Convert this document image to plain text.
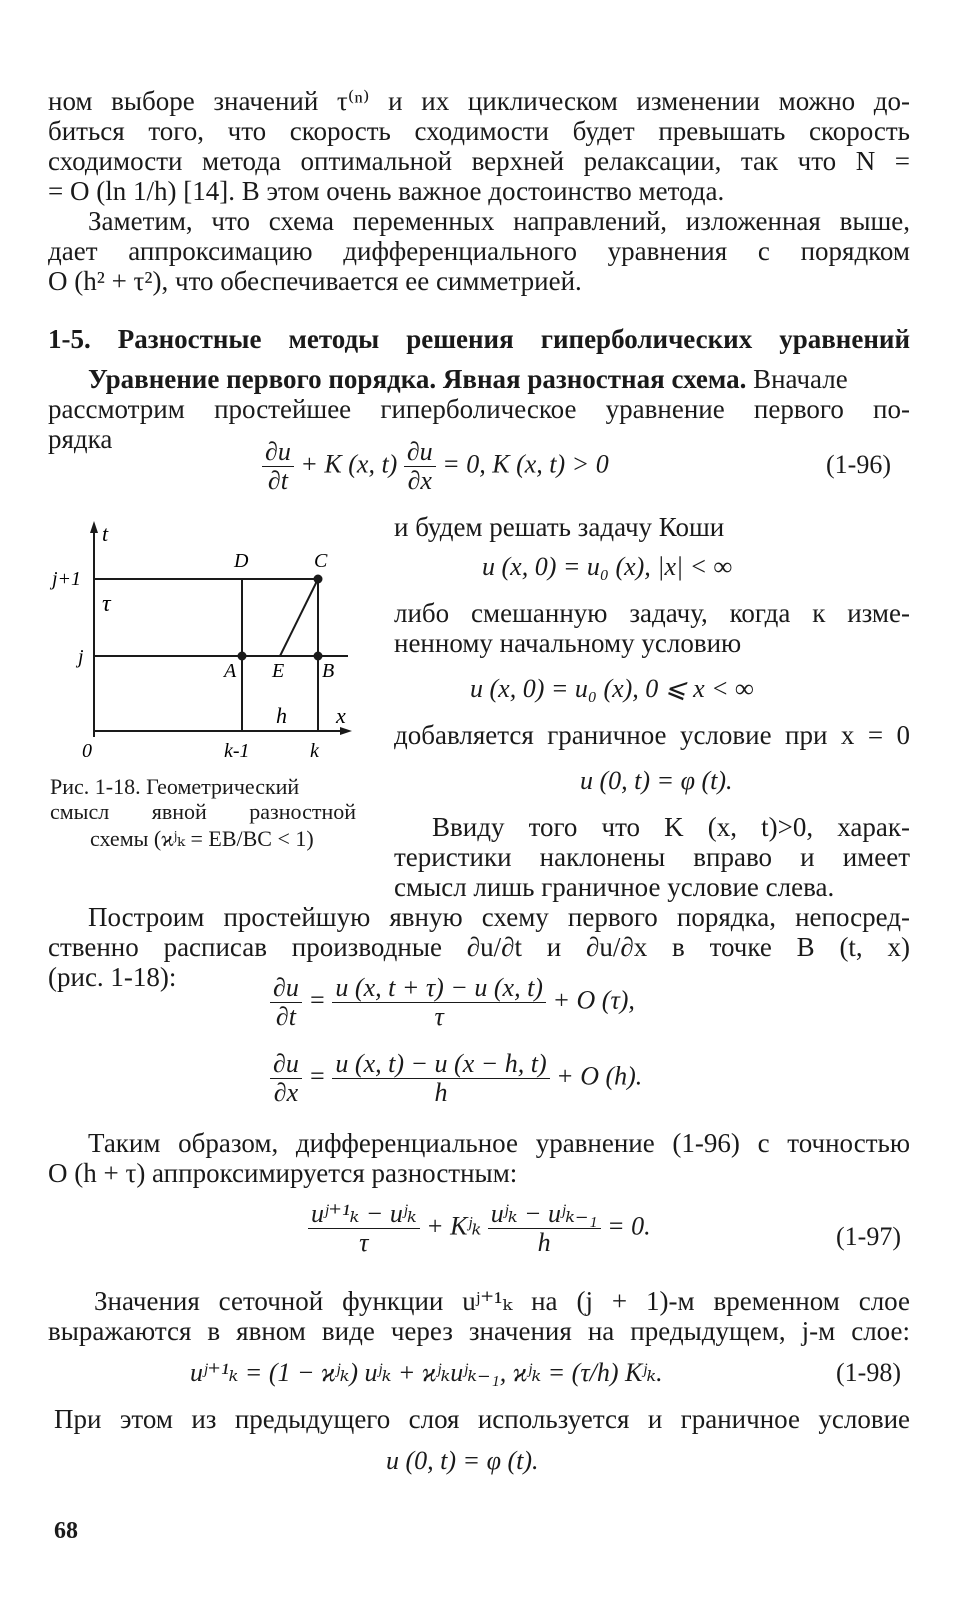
ном выборе значений τ⁽ⁿ⁾ и их циклическом изменении можно до-
биться того, что скорость сходимости будет превышать скорость
сходимости метода оптимальной верхней релаксации, так что N =
= O (ln 1/h) [14]. В этом очень важное достоинство метода.
Заметим, что схема переменных направлений, изложенная выше,
дает аппроксимацию дифференциального уравнения с порядком
O (h² + τ²), что обеспечивается ее симметрией.
1-5. Разностные методы решения гиперболических уравнений
Уравнение первого порядка. Явная разностная схема. Вначале
рассмотрим простейшее гиперболическое уравнение первого по-
рядка	$\frac{\partial u}{\partial t} + K$ (x, $t) \frac{\partial u}{\partial x} = 0$, K (x, t) > 0	(1-96)
t
j+1
τ
j
D	C
A E B
h x
0	k-1	k
Рис. 1-18. Геометрический
смысл явной разностной
схемы (ϰʲₖ = EB/BC < 1)
и будем решать задачу Коши
u (x, 0) = u₀ (x), |x| < ∞
либо смешанную задачу, когда к изме-
ненному начальному условию
u (x, 0) = u₀ (x), 0 ⩽ x < ∞
добавляется граничное условие при x = 0
u (0, t) = φ (t).
Ввиду того что K (x, t)>0, харак-
теристики наклонены вправо и имеет
смысл лишь граничное условие слева.
Построим простейшую явную схему первого порядка, непосред-
ственно расписав производные ∂u/∂t и ∂u/∂x в точке B (t, x)
(рис. 1-18):	$\frac{\partial u}{\partial t} = \frac{u (x, t + \tau) - u (x, t)}{\tau} + O$ (τ),
$\frac{\partial u}{\partial x} = \frac{u (x, t) - u (x - h, t)}{h} + O$ (h).
Таким образом, дифференциальное уравнение (1-96) с точностью
O (h + τ) аппроксимируется разностным:
$\frac{\text{uʲ⁺¹ₖ − uʲₖ}}{\tau}$ + Kʲₖ $\frac{\text{uʲₖ − uʲₖ₋₁}}{h} = 0$.	(1-97)
Значения сеточной функции uʲ⁺¹ₖ на (j + 1)-м временном слое
выражаются в явном виде через значения на предыдущем, j-м слое:
uʲ⁺¹ₖ = (1 − ϰʲₖ) uʲₖ + ϰʲₖuʲₖ₋₁, ϰʲₖ = (τ/h) Kʲₖ.	(1-98)
При этом из предыдущего слоя используется и граничное условие
u (0, t) = φ (t).
68
